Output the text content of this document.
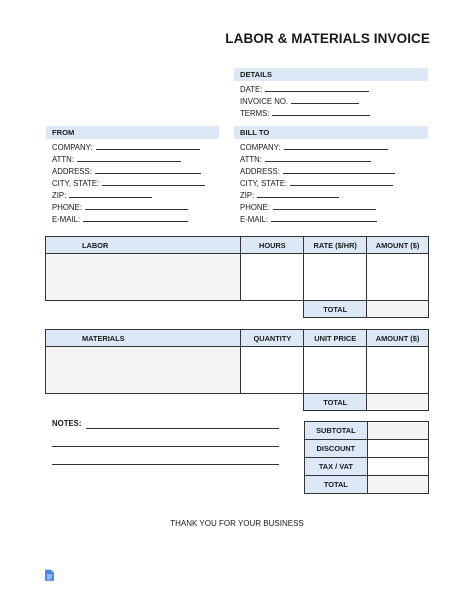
LABOR & MATERIALS INVOICE
DETAILS
DATE:
INVOICE NO.
TERMS:
FROM
COMPANY:
ATTN:
ADDRESS:
CITY, STATE:
ZIP:
PHONE:
E-MAIL:
BILL TO
COMPANY:
ATTN:
ADDRESS:
CITY, STATE:
ZIP:
PHONE:
E-MAIL:
LABOR	HOURS	RATE ($/HR)	AMOUNT ($)

		TOTAL	
MATERIALS	QUANTITY	UNIT PRICE	AMOUNT ($)

		TOTAL	
NOTES:
SUBTOTAL	
DISCOUNT	
TAX / VAT	
TOTAL	
THANK YOU FOR YOUR BUSINESS
